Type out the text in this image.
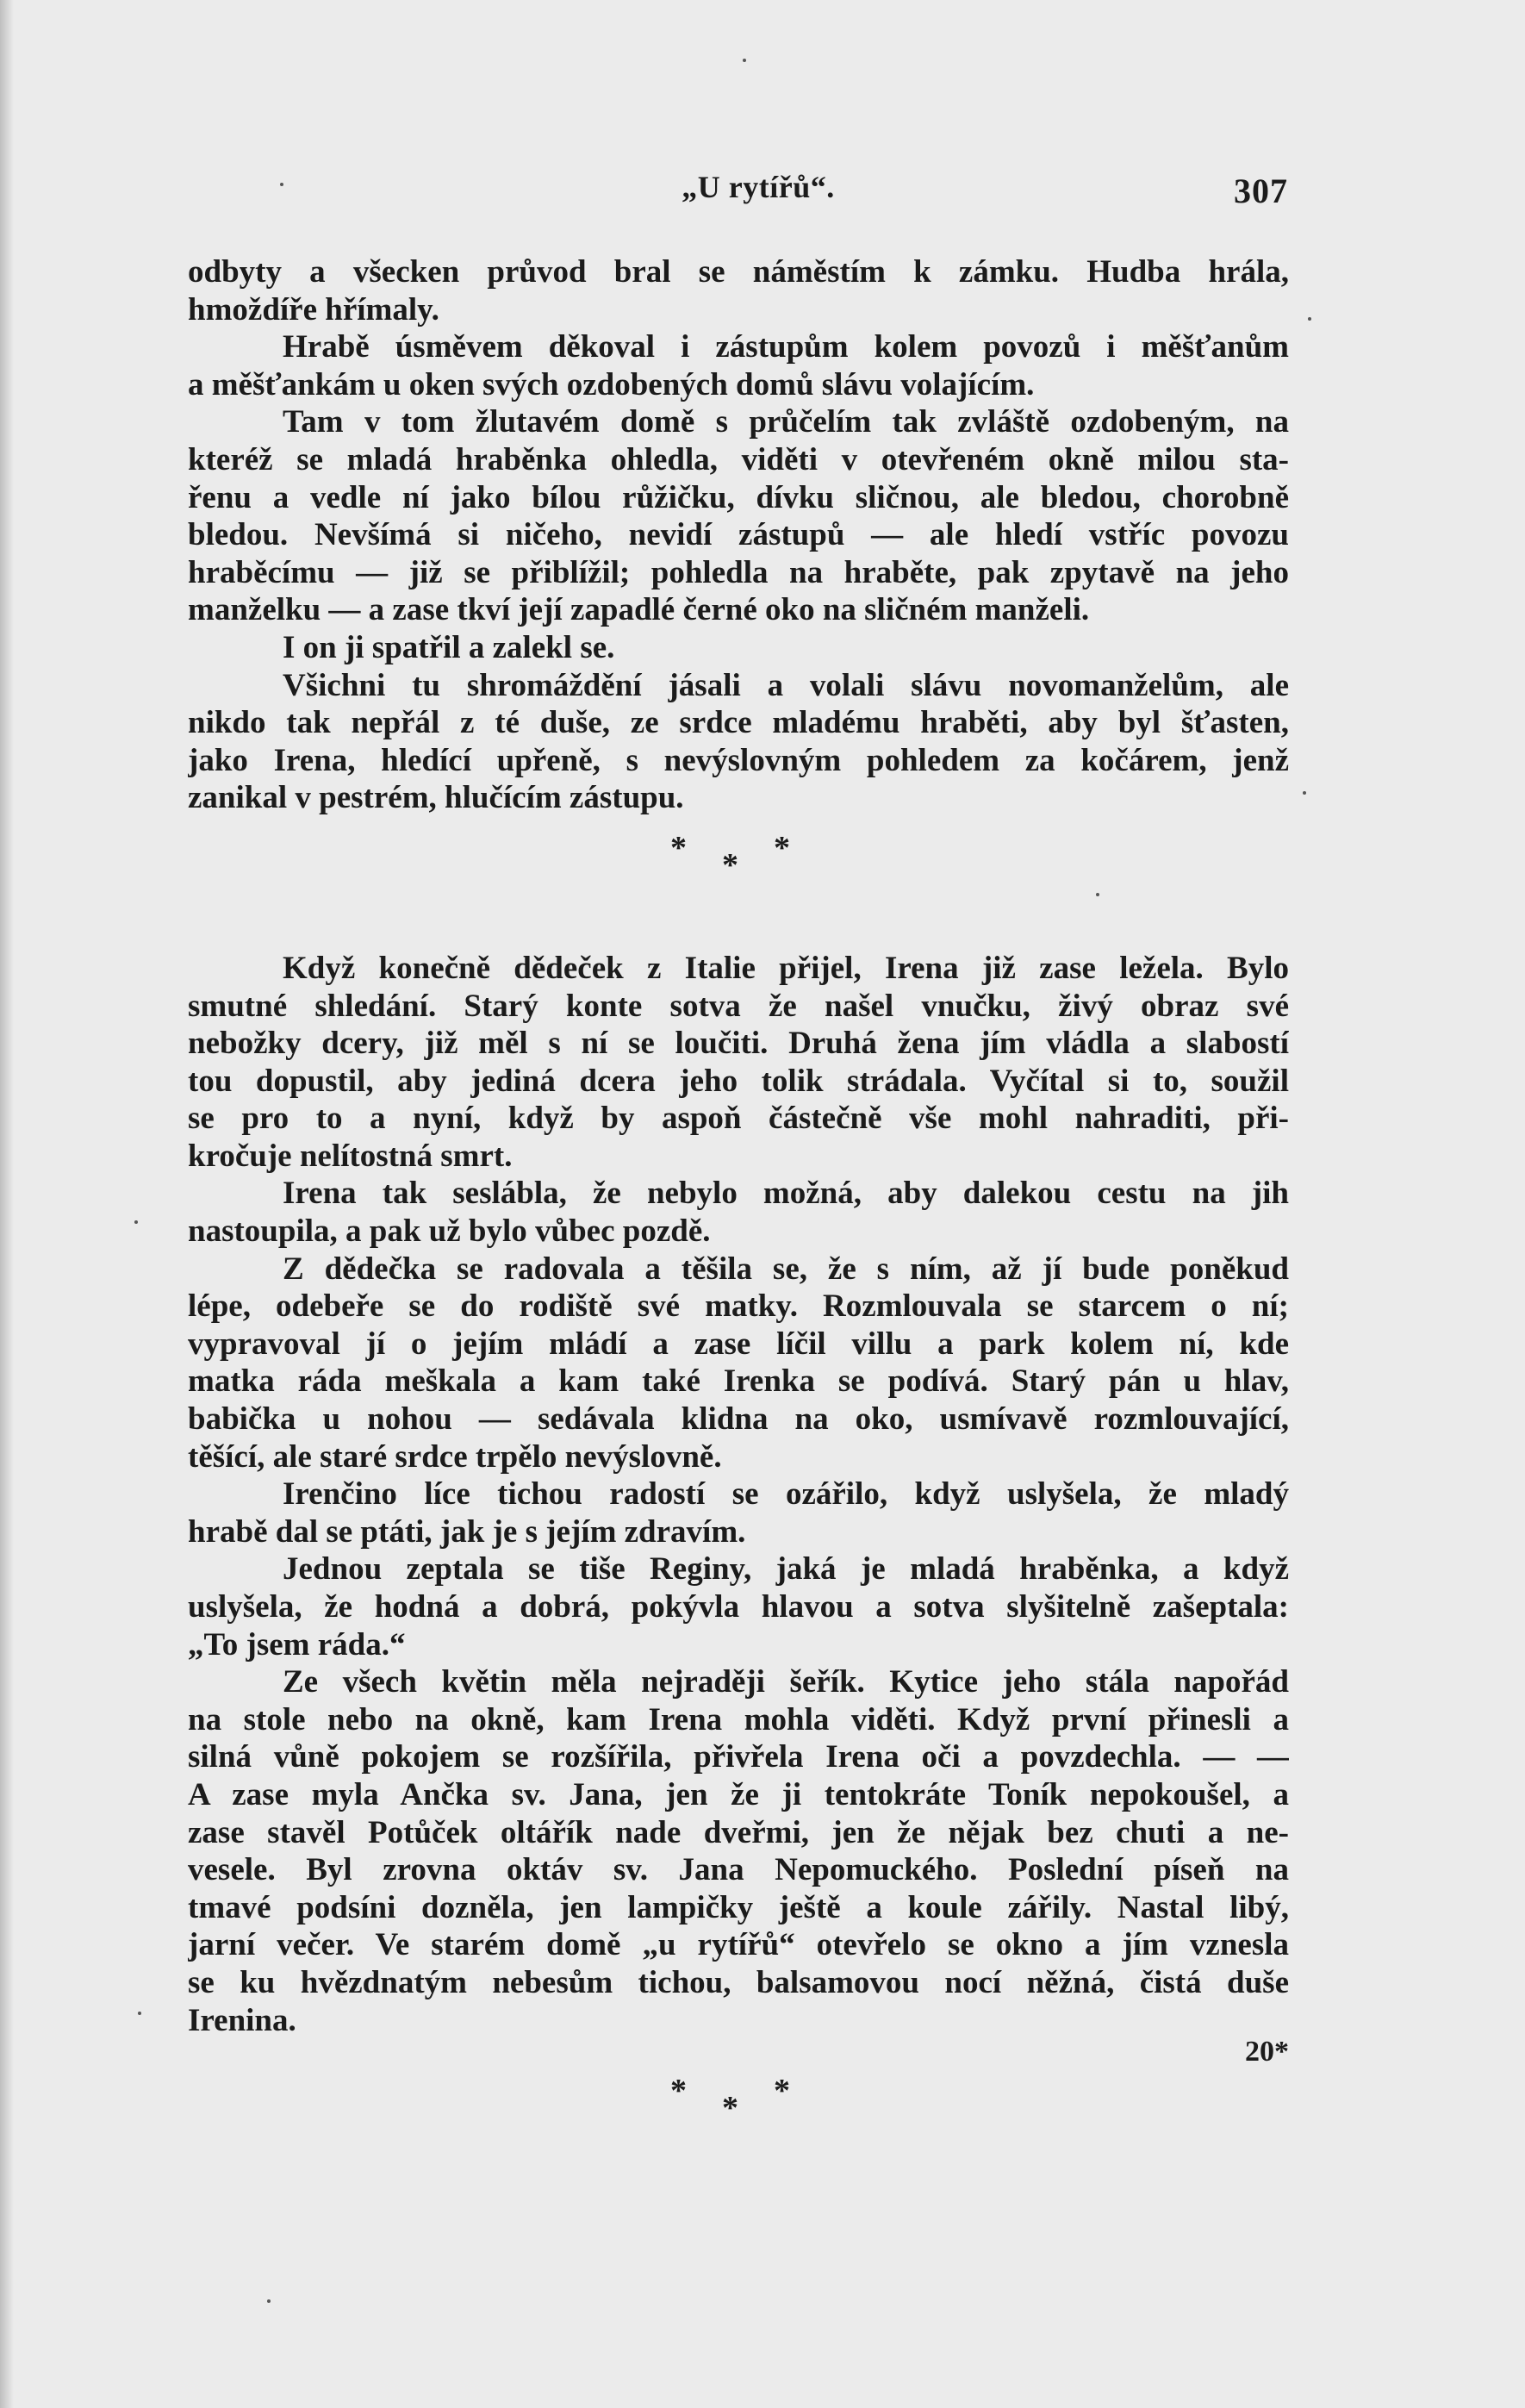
„U rytířů“.	307
odbyty a všecken průvod bral se náměstím k zámku. Hudba hrála,
hmoždíře hřímaly.
Hrabě úsměvem děkoval i zástupům kolem povozů i měšťanům
a měšťankám u oken svých ozdobených domů slávu volajícím.
Tam v tom žlutavém domě s průčelím tak zvláště ozdobeným, na
kteréž se mladá hraběnka ohledla, viděti v otevřeném okně milou sta-
řenu a vedle ní jako bílou růžičku, dívku sličnou, ale bledou, chorobně
bledou. Nevšímá si ničeho, nevidí zástupů — ale hledí vstříc povozu
hraběcímu — již se přiblížil; pohledla na hraběte, pak zpytavě na jeho
manželku — a zase tkví její zapadlé černé oko na sličném manželi.
I on ji spatřil a zalekl se.
Všichni tu shromáždění jásali a volali slávu novomanželům, ale
nikdo tak nepřál z té duše, ze srdce mladému hraběti, aby byl šťasten,
jako Irena, hledící upřeně, s nevýslovným pohledem za kočárem, jenž
zanikal v pestrém, hlučícím zástupu.
* * *
Když konečně dědeček z Italie přijel, Irena již zase ležela. Bylo
smutné shledání. Starý konte sotva že našel vnučku, živý obraz své
nebožky dcery, již měl s ní se loučiti. Druhá žena jím vládla a slabostí
tou dopustil, aby jediná dcera jeho tolik strádala. Vyčítal si to, soužil
se pro to a nyní, když by aspoň částečně vše mohl nahraditi, při-
kročuje nelítostná smrt.
Irena tak seslábla, že nebylo možná, aby dalekou cestu na jih
nastoupila, a pak už bylo vůbec pozdě.
Z dědečka se radovala a těšila se, že s ním, až jí bude poněkud
lépe, odebeře se do rodiště své matky. Rozmlouvala se starcem o ní;
vypravoval jí o jejím mládí a zase líčil villu a park kolem ní, kde
matka ráda meškala a kam také Irenka se podívá. Starý pán u hlav,
babička u nohou — sedávala klidna na oko, usmívavě rozmlouvající,
těšící, ale staré srdce trpělo nevýslovně.
Irenčino líce tichou radostí se ozářilo, když uslyšela, že mladý
hrabě dal se ptáti, jak je s jejím zdravím.
Jednou zeptala se tiše Reginy, jaká je mladá hraběnka, a když
uslyšela, že hodná a dobrá, pokývla hlavou a sotva slyšitelně zašeptala:
„To jsem ráda.“
Ze všech květin měla nejraději šeřík. Kytice jeho stála napořád
na stole nebo na okně, kam Irena mohla viděti. Když první přinesli a
silná vůně pokojem se rozšířila, přivřela Irena oči a povzdechla. — —
A zase myla Ančka sv. Jana, jen že ji tentokráte Toník nepokoušel, a
zase stavěl Potůček oltářík nade dveřmi, jen že nějak bez chuti a ne-
vesele. Byl zrovna oktáv sv. Jana Nepomuckého. Poslední píseň na
tmavé podsíni dozněla, jen lampičky ještě a koule zářily. Nastal libý,
jarní večer. Ve starém domě „u rytířů“ otevřelo se okno a jím vznesla
se ku hvězdnatým nebesům tichou, balsamovou nocí něžná, čistá duše
Irenina.
* * *
20*
